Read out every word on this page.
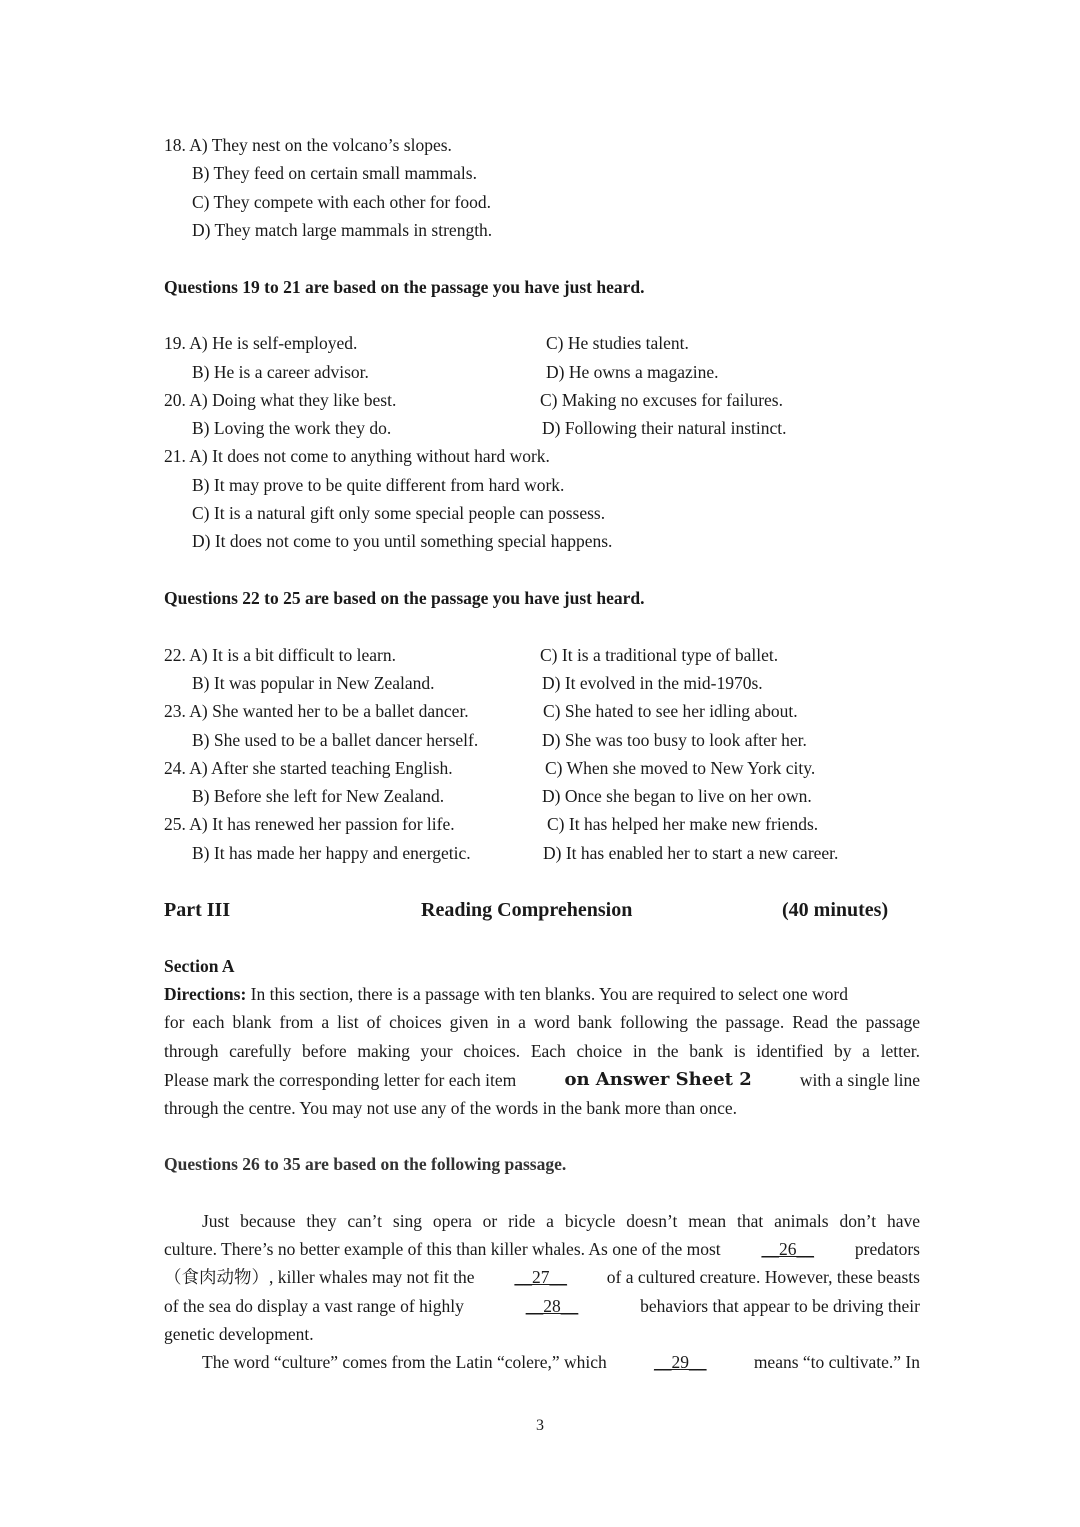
18. A) They nest on the volcano’s slopes.
B) They feed on certain small mammals.
C) They compete with each other for food.
D) They match large mammals in strength.
Questions 19 to 21 are based on the passage you have just heard.
19. A) He is self-employed.	C) He studies talent.
B) He is a career advisor.	D) He owns a magazine.
20. A) Doing what they like best.	C) Making no excuses for failures.
B) Loving the work they do.	D) Following their natural instinct.
21. A) It does not come to anything without hard work.
B) It may prove to be quite different from hard work.
C) It is a natural gift only some special people can possess.
D) It does not come to you until something special happens.
Questions 22 to 25 are based on the passage you have just heard.
22. A) It is a bit difficult to learn.	C) It is a traditional type of ballet.
B) It was popular in New Zealand.	D) It evolved in the mid-1970s.
23. A) She wanted her to be a ballet dancer.	C) She hated to see her idling about.
B) She used to be a ballet dancer herself.	D) She was too busy to look after her.
24. A) After she started teaching English.	C) When she moved to New York city.
B) Before she left for New Zealand.	D) Once she began to live on her own.
25. A) It has renewed her passion for life.	C) It has helped her make new friends.
B) It has made her happy and energetic.	D) It has enabled her to start a new career.
Part III	Reading Comprehension	(40 minutes)
Section A
Directions: In this section, there is a passage with ten blanks. You are required to select one word
for each blank from a list of choices given in a word bank following the passage. Read the passage
through carefully before making your choices. Each choice in the bank is identified by a letter.
Please mark the corresponding letter for each item	on Answer Sheet 2	with a single line
through the centre. You may not use any of the words in the bank more than once.
Questions 26 to 35 are based on the following passage.
Just because they can’t sing opera or ride a bicycle doesn’t mean that animals don’t have
culture. There’s no better example of this than killer whales. As one of the most __26__ predators
（食肉动物）, killer whales may not fit the __27__ of a cultured creature. However, these beasts
of the sea do display a vast range of highly	__28__	behaviors that appear to be driving their
genetic development.
The word “culture” comes from the Latin “colere,” which	__29__	means “to cultivate.” In
3
